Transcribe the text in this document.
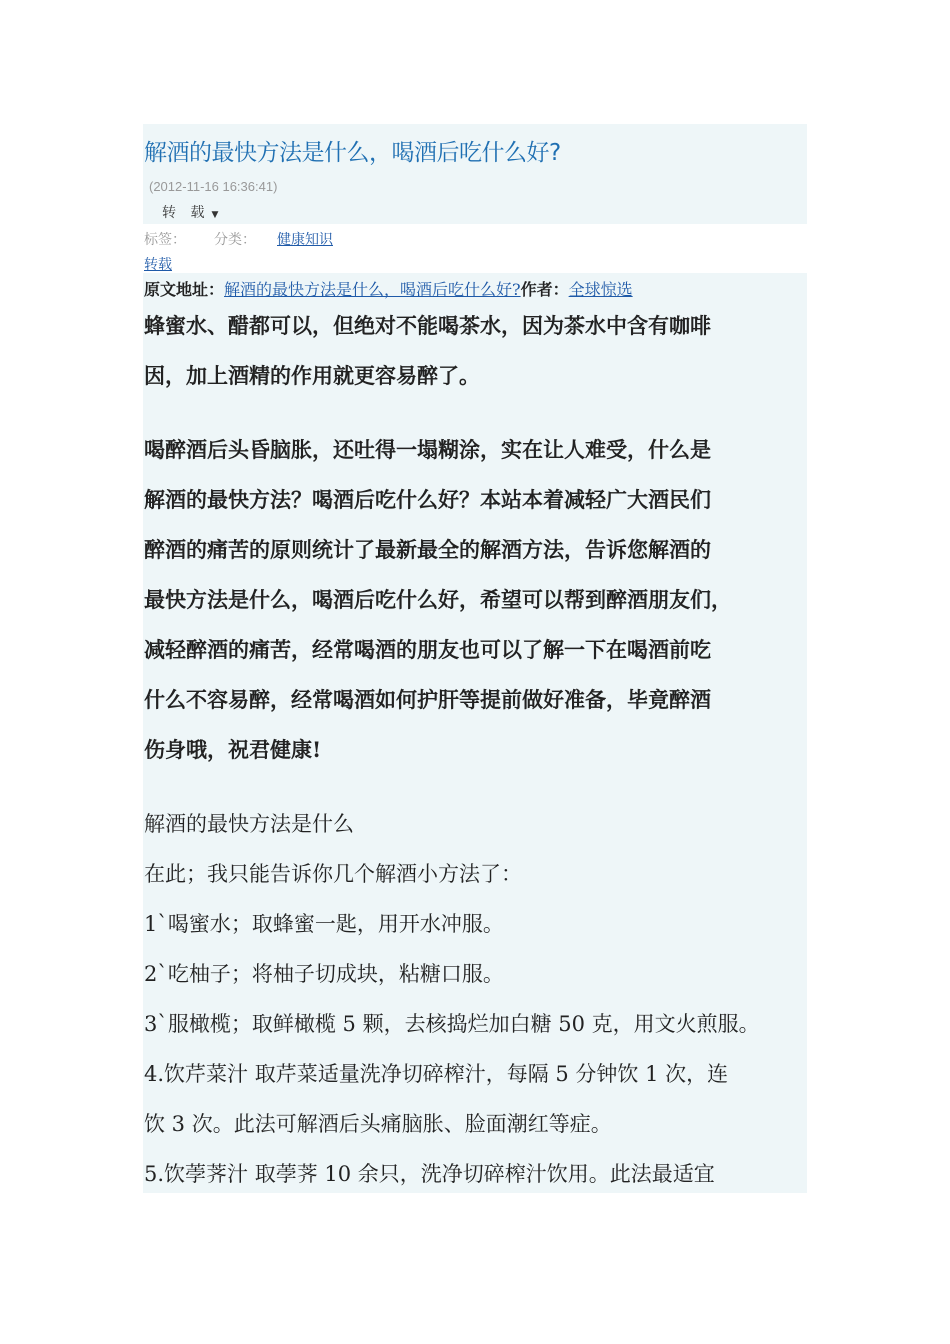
解酒的最快方法是什么，喝酒后吃什么好?
(2012-11-16 16:36:41)
转 载 ▼
标签： 分类： 健康知识
转载
原文地址：解酒的最快方法是什么，喝酒后吃什么好?作者：全球惊选
蜂蜜水、醋都可以，但绝对不能喝茶水，因为茶水中含有咖啡
因，加上酒精的作用就更容易醉了。
喝醉酒后头昏脑胀，还吐得一塌糊涂，实在让人难受，什么是
解酒的最快方法？喝酒后吃什么好？本站本着减轻广大酒民们
醉酒的痛苦的原则统计了最新最全的解酒方法，告诉您解酒的
最快方法是什么，喝酒后吃什么好，希望可以帮到醉酒朋友们，
减轻醉酒的痛苦，经常喝酒的朋友也可以了解一下在喝酒前吃
什么不容易醉，经常喝酒如何护肝等提前做好准备，毕竟醉酒
伤身哦，祝君健康!
解酒的最快方法是什么
在此；我只能告诉你几个解酒小方法了：
1`喝蜜水；取蜂蜜一匙，用开水冲服。
2`吃柚子；将柚子切成块，粘糖口服。
3`服橄榄；取鲜橄榄 5 颗，去核捣烂加白糖 50 克，用文火煎服。
4.饮芹菜汁 取芹菜适量洗净切碎榨汁，每隔 5 分钟饮 1 次，连
饮 3 次。此法可解酒后头痛脑胀、脸面潮红等症。
5.饮荸荠汁 取荸荠 10 余只，洗净切碎榨汁饮用。此法最适宜
